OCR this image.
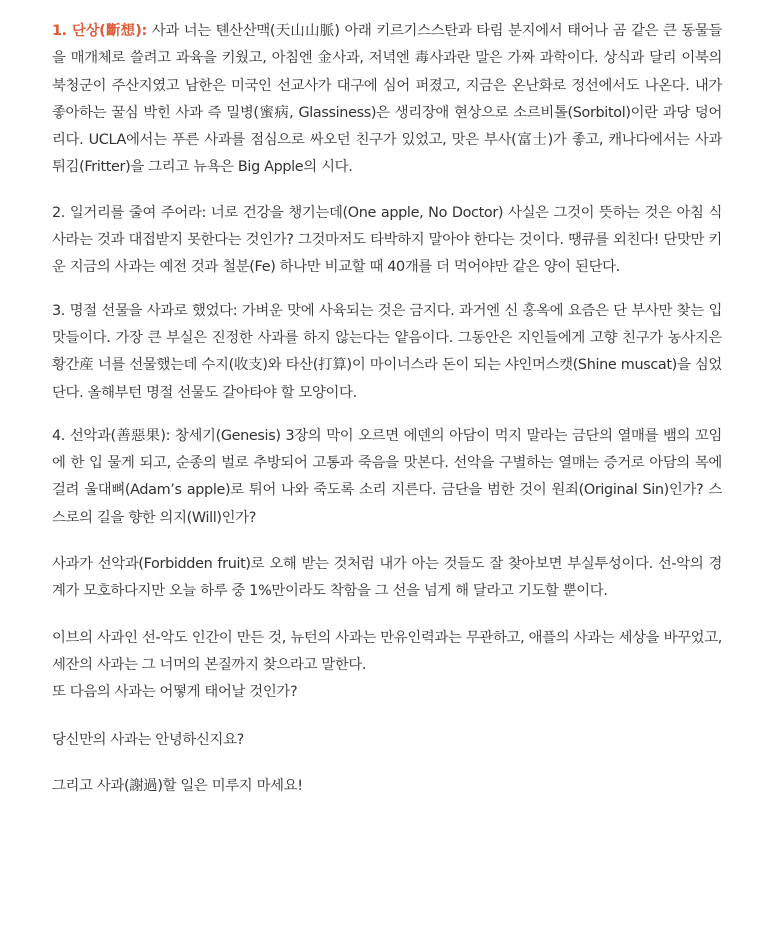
1. 단상(斷想): 사과 너는 톈산산맥(天山山脈) 아래 키르기스스탄과 타림 분지에서 태어나 곰 같은 큰 동물들을 매개체로 쓸려고 과육을 키웠고, 아침엔 金사과, 저녁엔 毒사과란 말은 가짜 과학이다. 상식과 달리 이북의 북청군이 주산지였고 남한은 미국인 선교사가 대구에 심어 퍼졌고, 지금은 온난화로 정선에서도 나온다. 내가 좋아하는 꿀심 박힌 사과 즉 밀병(蜜病, Glassiness)은 생리장애 현상으로 소르비톨(Sorbitol)이란 과당 덩어리다. UCLA에서는 푸른 사과를 점심으로 싸오던 친구가 있었고, 맛은 부사(富士)가 좋고, 캐나다에서는 사과 튀김(Fritter)을 그리고 뉴욕은 Big Apple의 시다.

2. 일거리를 줄여 주어라: 너로 건강을 챙기는데(One apple, No Doctor) 사실은 그것이 뜻하는 것은 아침 식사라는 것과 대접받지 못한다는 것인가? 그것마저도 타박하지 말아야 한다는 것이다. 땡큐를 외친다! 단맛만 키운 지금의 사과는 예전 것과 철분(Fe) 하나만 비교할 때 40개를 더 먹어야만 같은 양이 된단다.

3. 명절 선물을 사과로 했었다: 가벼운 맛에 사육되는 것은 금지다. 과거엔 신 홍옥에 요즘은 단 부사만 찾는 입맛들이다. 가장 큰 부실은 진정한 사과를 하지 않는다는 얕음이다. 그동안은 지인들에게 고향 친구가 농사지은 황간産 너를 선물했는데 수지(收支)와 타산(打算)이 마이너스라 돈이 되는 샤인머스캣(Shine muscat)을 심었단다. 올해부턴 명절 선물도 갈아타야 할 모양이다.

4. 선악과(善惡果): 창세기(Genesis) 3장의 막이 오르면 에덴의 아담이 먹지 말라는 금단의 열매를 뱀의 꼬임에 한 입 물게 되고, 순종의 벌로 추방되어 고통과 죽음을 맛본다. 선악을 구별하는 열매는 증거로 아담의 목에 걸려 울대뼈(Adam’s apple)로 튀어 나와 죽도록 소리 지른다. 금단을 범한 것이 원죄(Original Sin)인가? 스스로의 길을 향한 의지(Will)인가?

사과가 선악과(Forbidden fruit)로 오해 받는 것처럼 내가 아는 것들도 잘 찾아보면 부실투성이다. 선-악의 경계가 모호하다지만 오늘 하루 중 1%만이라도 착함을 그 선을 넘게 해 달라고 기도할 뿐이다.

이브의 사과인 선-악도 인간이 만든 것, 뉴턴의 사과는 만유인력과는 무관하고, 애플의 사과는 세상을 바꾸었고, 세잔의 사과는 그 너머의 본질까지 찾으라고 말한다.
또 다음의 사과는 어떻게 태어날 것인가?

당신만의 사과는 안녕하신지요?

그리고 사과(謝過)할 일은 미루지 마세요!
